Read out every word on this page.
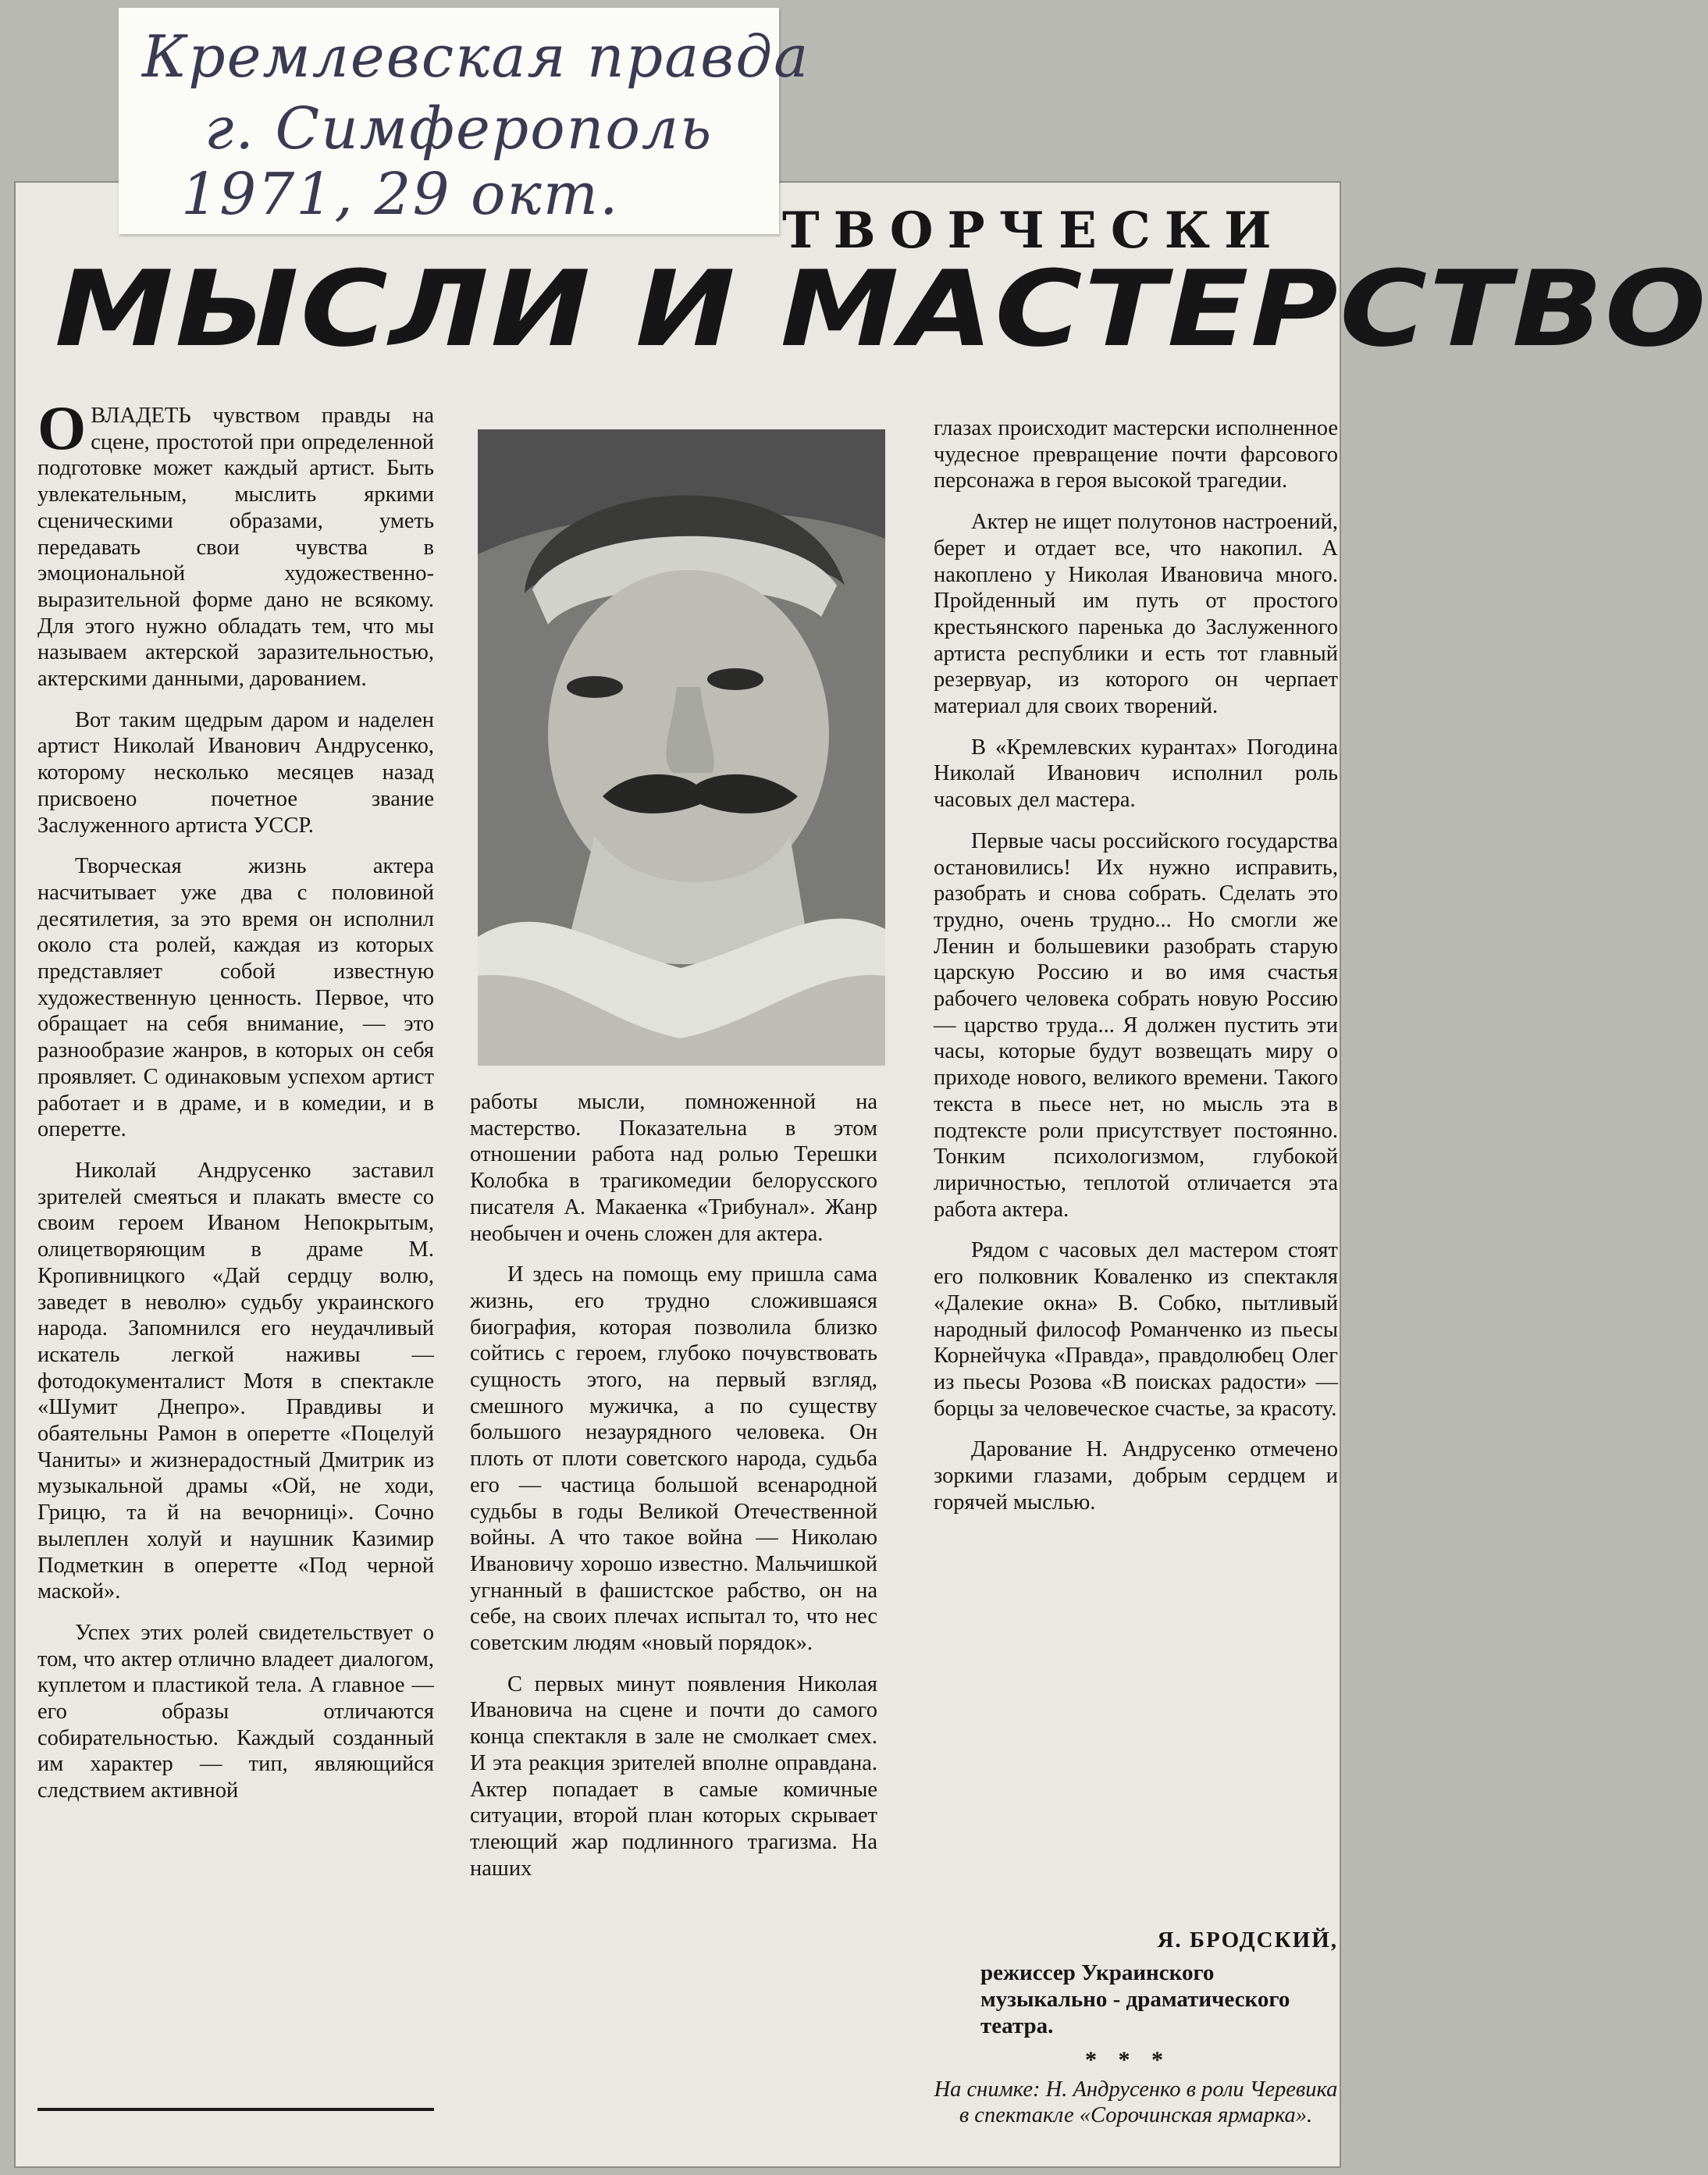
Кремлевская правда
г. Симферополь
1971, 29 окт.
ТВОРЧЕСКИ
МЫСЛИ И МАСТЕРСТВО

ОВЛАДЕТЬ чувством правды на сцене, простотой при определенной подготовке может каждый артист. Быть увлекательным, мыслить яркими сценическими образами, уметь передавать свои чувства в эмоциональной художественно-выразительной форме дано не всякому. Для этого нужно обладать тем, что мы называем актерской заразительностью, актерскими данными, дарованием.

Вот таким щедрым даром и наделен артист Николай Иванович Андрусенко, которому несколько месяцев назад присвоено почетное звание Заслуженного артиста УССР.

Творческая жизнь актера насчитывает уже два с половиной десятилетия, за это время он исполнил около ста ролей, каждая из которых представляет собой известную художественную ценность. Первое, что обращает на себя внимание, — это разнообразие жанров, в которых он себя проявляет. С одинаковым успехом артист работает и в драме, и в комедии, и в оперетте.

Николай Андрусенко заставил зрителей смеяться и плакать вместе со своим героем Иваном Непокрытым, олицетворяющим в драме М. Кропивницкого «Дай сердцу волю, заведет в неволю» судьбу украинского народа. Запомнился его неудачливый искатель легкой наживы — фотодокументалист Мотя в спектакле «Шумит Днепро». Правдивы и обаятельны Рамон в оперетте «Поцелуй Чаниты» и жизнерадостный Дмитрик из музыкальной драмы «Ой, не ходи, Грицю, та й на вечорниці». Сочно вылеплен холуй и наушник Казимир Подметкин в оперетте «Под черной маской».

Успех этих ролей свидетельствует о том, что актер отлично владеет диалогом, куплетом и пластикой тела. А главное — его образы отличаются собирательностью. Каждый созданный им характер — тип, являющийся следствием активной

работы мысли, помноженной на мастерство. Показательна в этом отношении работа над ролью Терешки Колобка в трагикомедии белорусского писателя А. Макаенка «Трибунал». Жанр необычен и очень сложен для актера.

И здесь на помощь ему пришла сама жизнь, его трудно сложившаяся биография, которая позволила близко сойтись с героем, глубоко почувствовать сущность этого, на первый взгляд, смешного мужичка, а по существу большого незаурядного человека. Он плоть от плоти советского народа, судьба его — частица большой всенародной судьбы в годы Великой Отечественной войны. А что такое война — Николаю Ивановичу хорошо известно. Мальчишкой угнанный в фашистское рабство, он на себе, на своих плечах испытал то, что нес советским людям «новый порядок».

С первых минут появления Николая Ивановича на сцене и почти до самого конца спектакля в зале не смолкает смех. И эта реакция зрителей вполне оправдана. Актер попадает в самые комичные ситуации, второй план которых скрывает тлеющий жар подлинного трагизма. На наших

глазах происходит мастерски исполненное чудесное превращение почти фарсового персонажа в героя высокой трагедии.

Актер не ищет полутонов настроений, берет и отдает все, что накопил. А накоплено у Николая Ивановича много. Пройденный им путь от простого крестьянского паренька до Заслуженного артиста республики и есть тот главный резервуар, из которого он черпает материал для своих творений.

В «Кремлевских курантах» Погодина Николай Иванович исполнил роль часовых дел мастера.

Первые часы российского государства остановились! Их нужно исправить, разобрать и снова собрать. Сделать это трудно, очень трудно... Но смогли же Ленин и большевики разобрать старую царскую Россию и во имя счастья рабочего человека собрать новую Россию — царство труда... Я должен пустить эти часы, которые будут возвещать миру о приходе нового, великого времени. Такого текста в пьесе нет, но мысль эта в подтексте роли присутствует постоянно. Тонким психологизмом, глубокой лиричностью, теплотой отличается эта работа актера.

Рядом с часовых дел мастером стоят его полковник Коваленко из спектакля «Далекие окна» В. Собко, пытливый народный философ Романченко из пьесы Корнейчука «Правда», правдолюбец Олег из пьесы Розова «В поисках радости» — борцы за человеческое счастье, за красоту.

Дарование Н. Андрусенко отмечено зоркими глазами, добрым сердцем и горячей мыслью.

Я. БРОДСКИЙ,
режиссер Украинского музыкально - драматического театра.
* * *
На снимке: Н. Андрусенко в роли Черевика в спектакле «Сорочинская ярмарка».
